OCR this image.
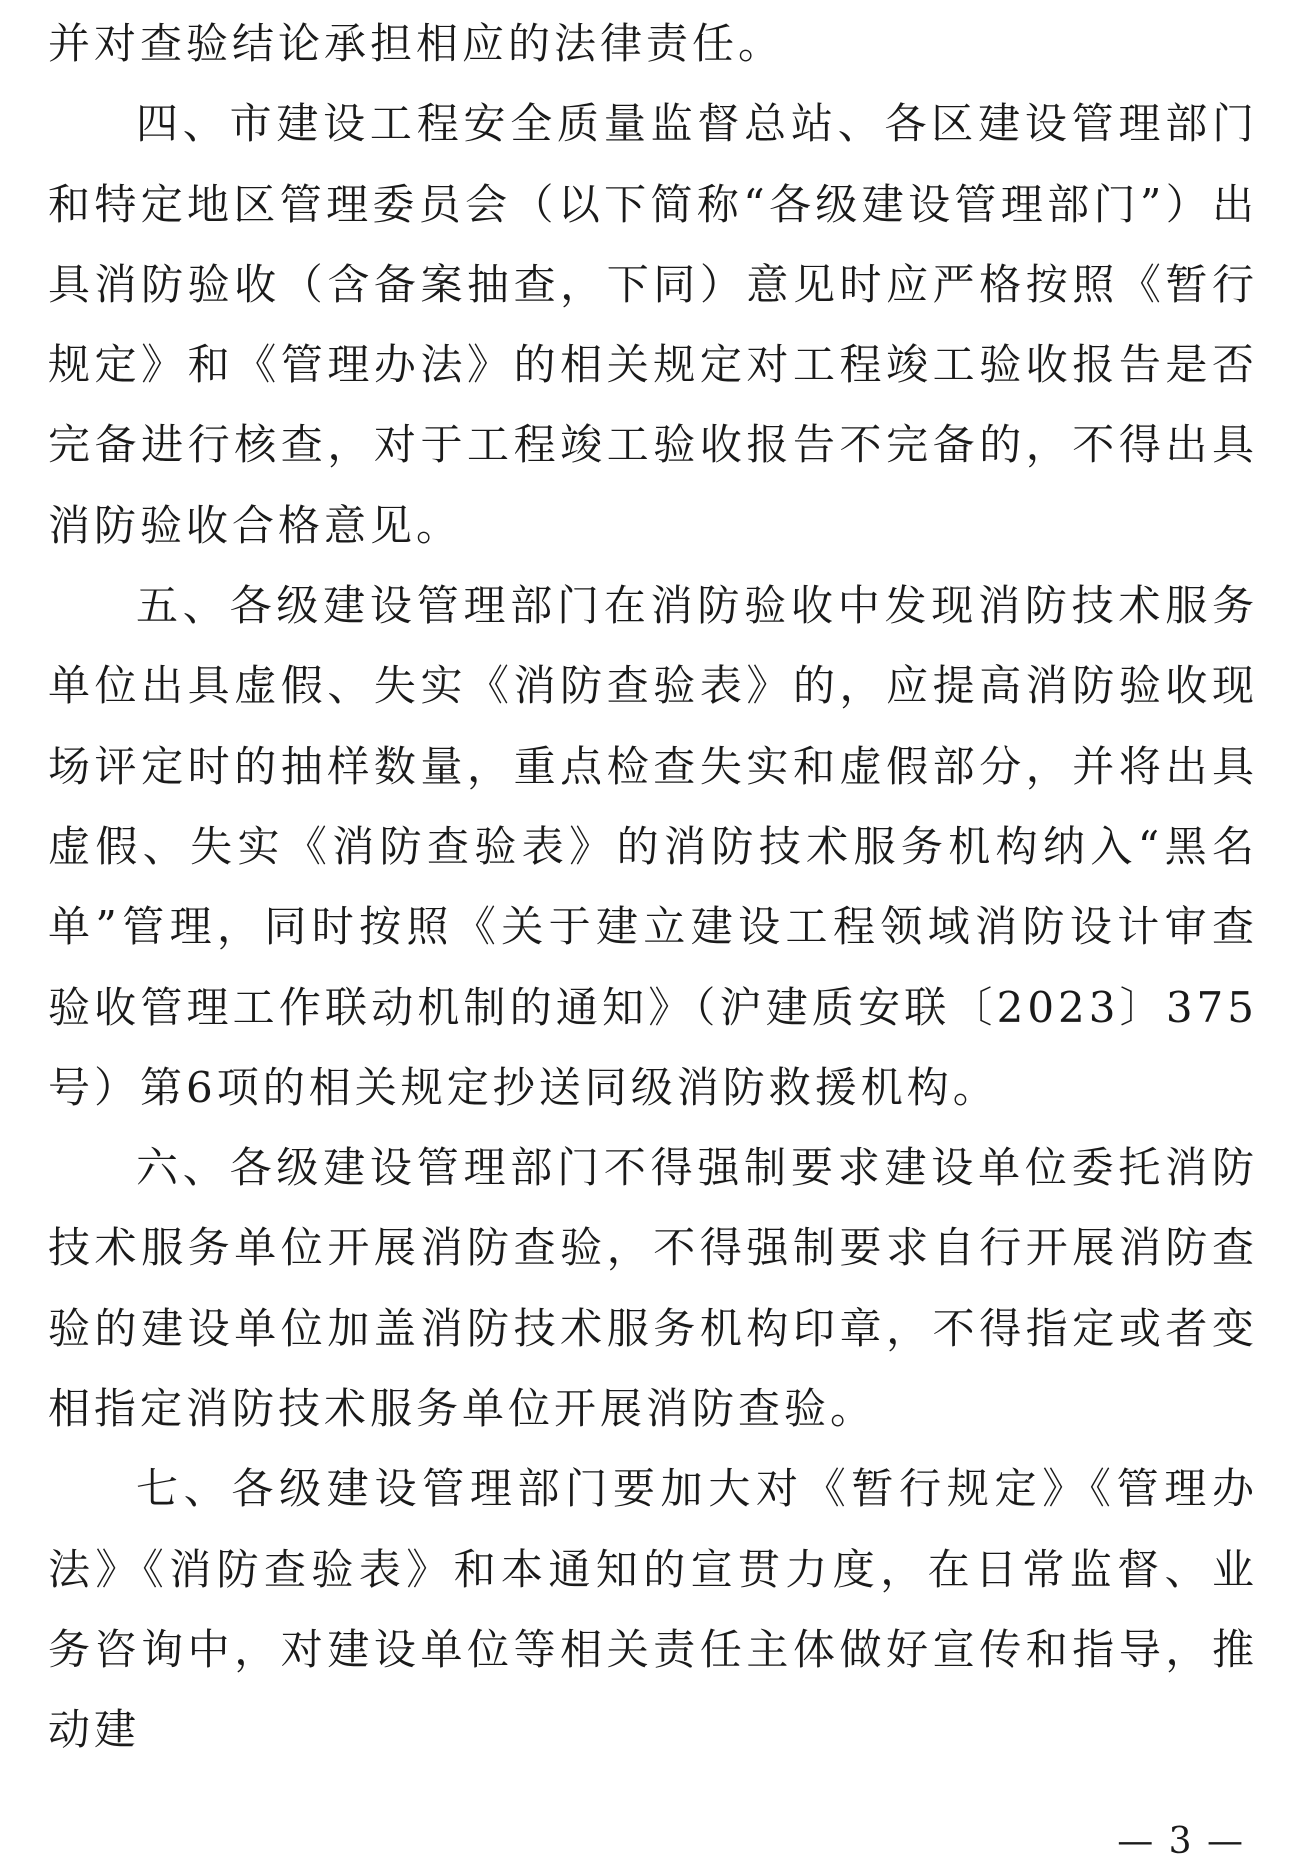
并对查验结论承担相应的法律责任。

四、市建设工程安全质量监督总站、各区建设管理部门和特定地区管理委员会（以下简称“各级建设管理部门”）出具消防验收（含备案抽查，下同）意见时应严格按照《暂行规定》和《管理办法》的相关规定对工程竣工验收报告是否完备进行核查，对于工程竣工验收报告不完备的，不得出具消防验收合格意见。

五、各级建设管理部门在消防验收中发现消防技术服务单位出具虚假、失实《消防查验表》的，应提高消防验收现场评定时的抽样数量，重点检查失实和虚假部分，并将出具虚假、失实《消防查验表》的消防技术服务机构纳入“黑名单”管理，同时按照《关于建立建设工程领域消防设计审查验收管理工作联动机制的通知》（沪建质安联〔2023〕375号）第6项的相关规定抄送同级消防救援机构。

六、各级建设管理部门不得强制要求建设单位委托消防技术服务单位开展消防查验，不得强制要求自行开展消防查验的建设单位加盖消防技术服务机构印章，不得指定或者变相指定消防技术服务单位开展消防查验。

七、各级建设管理部门要加大对《暂行规定》《管理办法》《消防查验表》和本通知的宣贯力度，在日常监督、业务咨询中，对建设单位等相关责任主体做好宣传和指导，推动建

— 3 —
